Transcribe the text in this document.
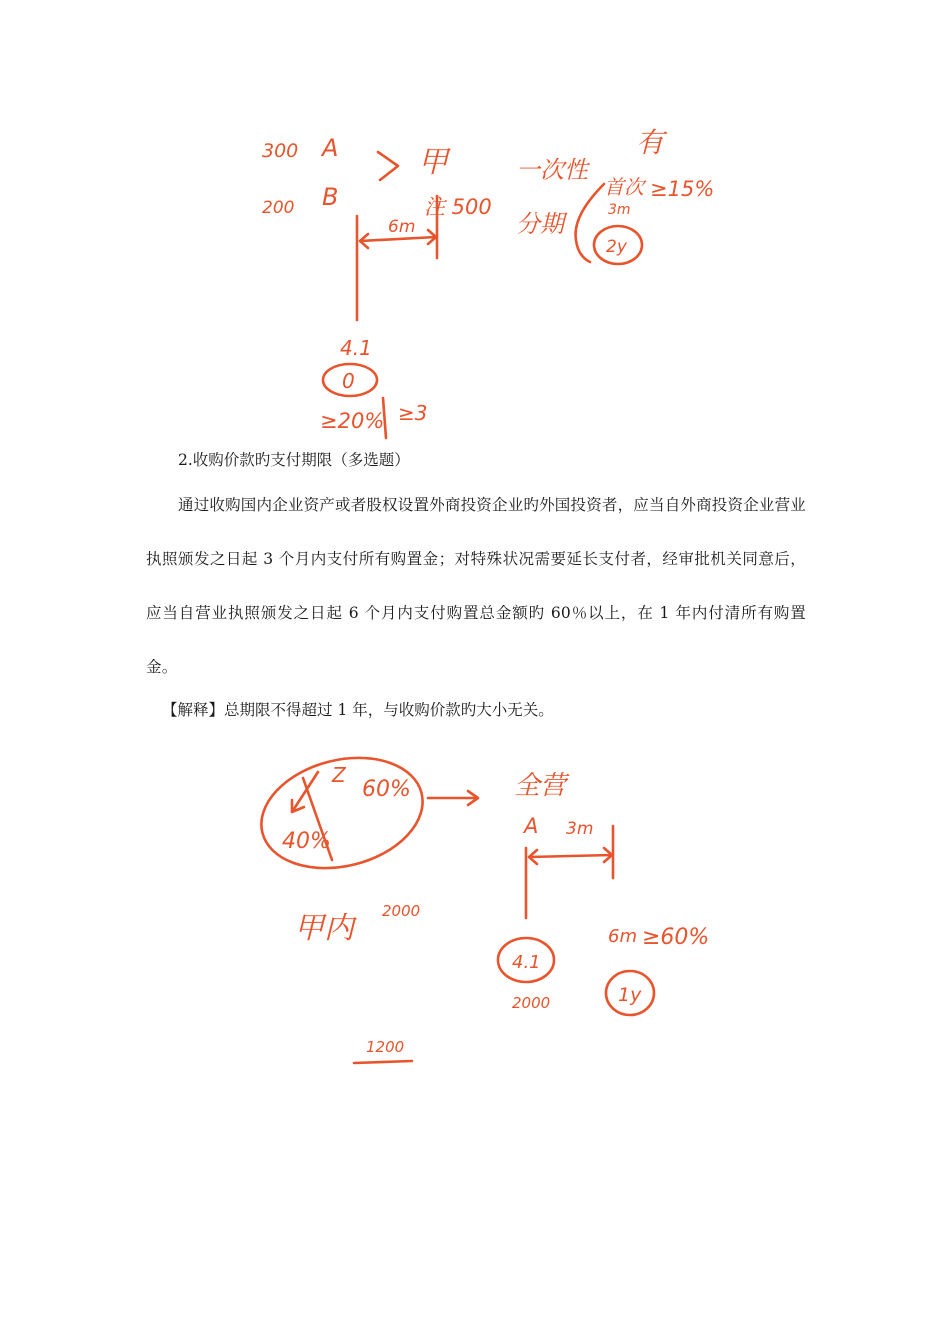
300 A
200 B
甲
注 500
6m
一次性
分期
有
首次 ≥15%
3m
2y
4.1
0
≥20% ≥3

2.收购价款旳支付期限（多选题）

通过收购国内企业资产或者股权设置外商投资企业旳外国投资者，应当自外商投资企业营业执照颁发之日起 3 个月内支付所有购置金；对特殊状况需要延长支付者，经审批机关同意后，应当自营业执照颁发之日起 6 个月内支付购置总金额旳 60％以上，在 1 年内付清所有购置金。

【解释】总期限不得超过 1 年，与收购价款旳大小无关。

Z
60%
40%
全营
A 3m
甲内 2000
4.1
2000
6m ≥60%
1y
1200
